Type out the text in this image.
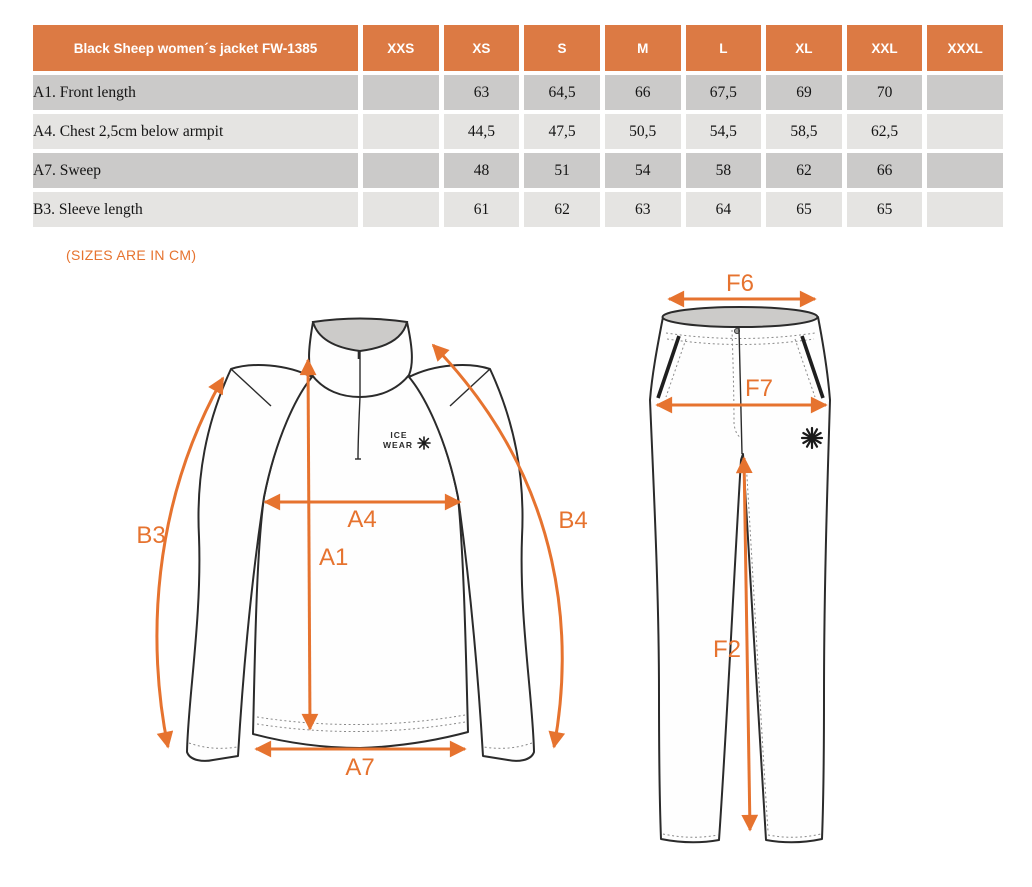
Black Sheep women´s jacket FW-1385	XXS	XS	S	M	L	XL	XXL	XXXL
A1. Front length		63	64,5	66	67,5	69	70	
A4. Chest 2,5cm below armpit		44,5	47,5	50,5	54,5	58,5	62,5	
A7. Sweep		48	51	54	58	62	66	
B3. Sleeve length		61	62	63	64	65	65	
(SIZES ARE IN CM)
ICE
WEAR
A4
A1
A7
B3
B4
F6
F7
F2
